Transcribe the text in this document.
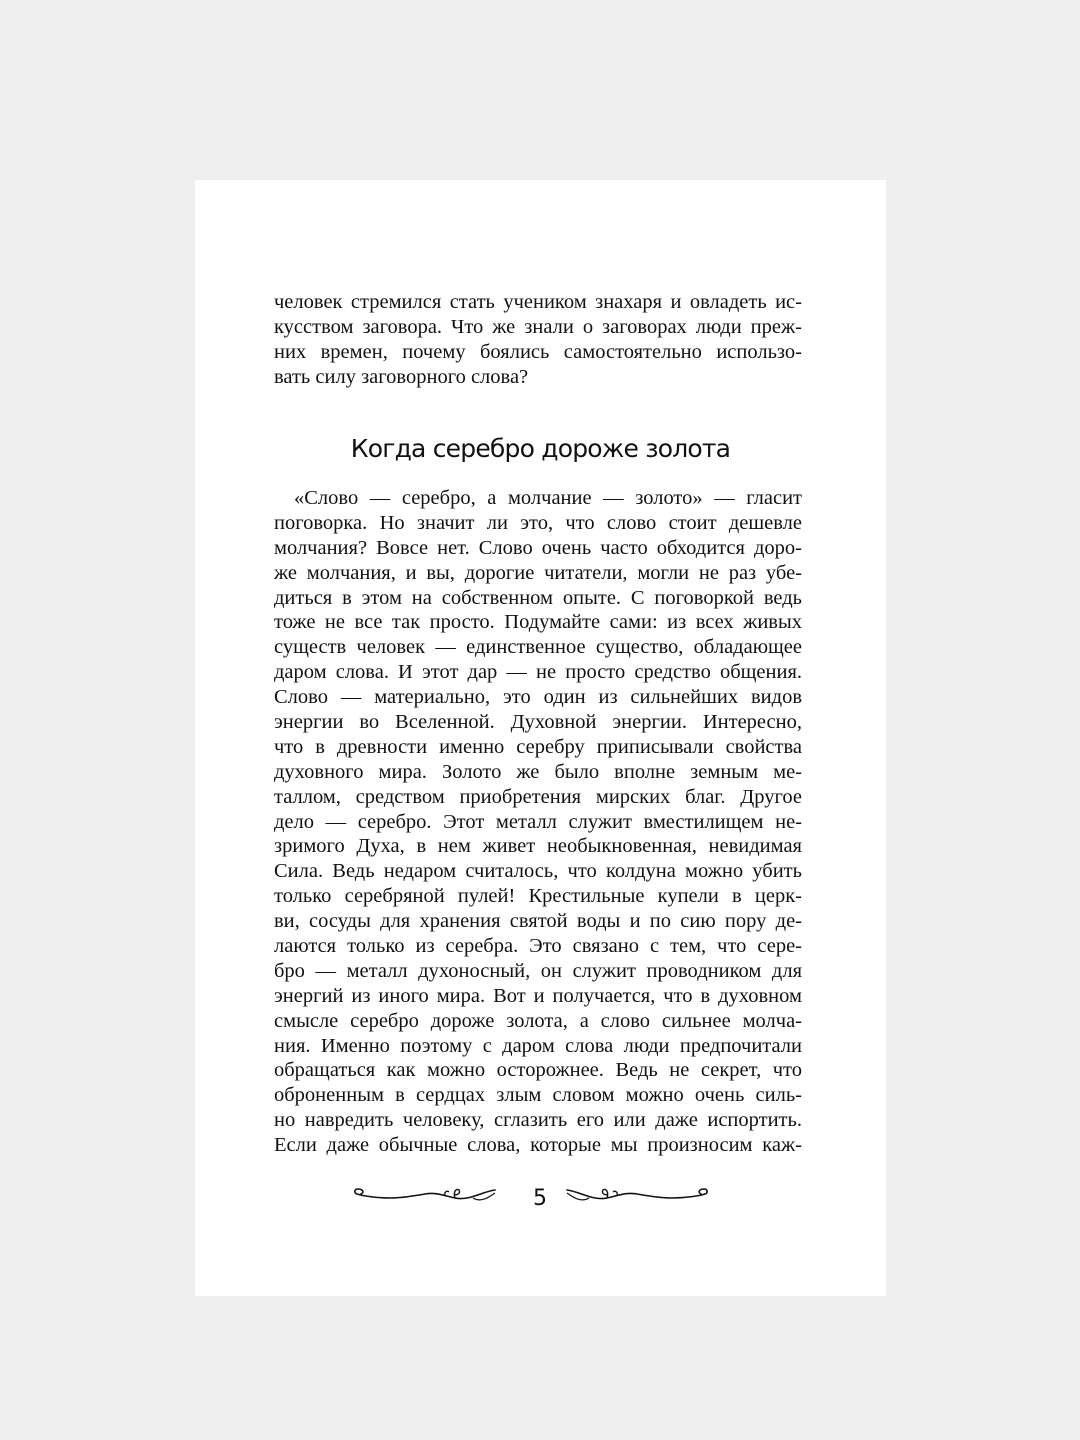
человек стремился стать учеником знахаря и овладеть ис-
кусством заговора. Что же знали о заговорах люди преж-
них времен, почему боялись самостоятельно использо-
вать силу заговорного слова?
Когда серебро дороже золота
«Слово — серебро, а молчание — золото» — гласит
поговорка. Но значит ли это, что слово стоит дешевле
молчания? Вовсе нет. Слово очень часто обходится доро-
же молчания, и вы, дорогие читатели, могли не раз убе-
диться в этом на собственном опыте. С поговоркой ведь
тоже не все так просто. Подумайте сами: из всех живых
существ человек — единственное существо, обладающее
даром слова. И этот дар — не просто средство общения.
Слово — материально, это один из сильнейших видов
энергии во Вселенной. Духовной энергии. Интересно,
что в древности именно серебру приписывали свойства
духовного мира. Золото же было вполне земным ме-
таллом, средством приобретения мирских благ. Другое
дело — серебро. Этот металл служит вместилищем не-
зримого Духа, в нем живет необыкновенная, невидимая
Сила. Ведь недаром считалось, что колдуна можно убить
только серебряной пулей! Крестильные купели в церк-
ви, сосуды для хранения святой воды и по сию пору де-
лаются только из серебра. Это связано с тем, что сере-
бро — металл духоносный, он служит проводником для
энергий из иного мира. Вот и получается, что в духовном
смысле серебро дороже золота, а слово сильнее молча-
ния. Именно поэтому с даром слова люди предпочитали
обращаться как можно осторожнее. Ведь не секрет, что
оброненным в сердцах злым словом можно очень силь-
но навредить человеку, сглазить его или даже испортить.
Если даже обычные слова, которые мы произносим каж-
5
